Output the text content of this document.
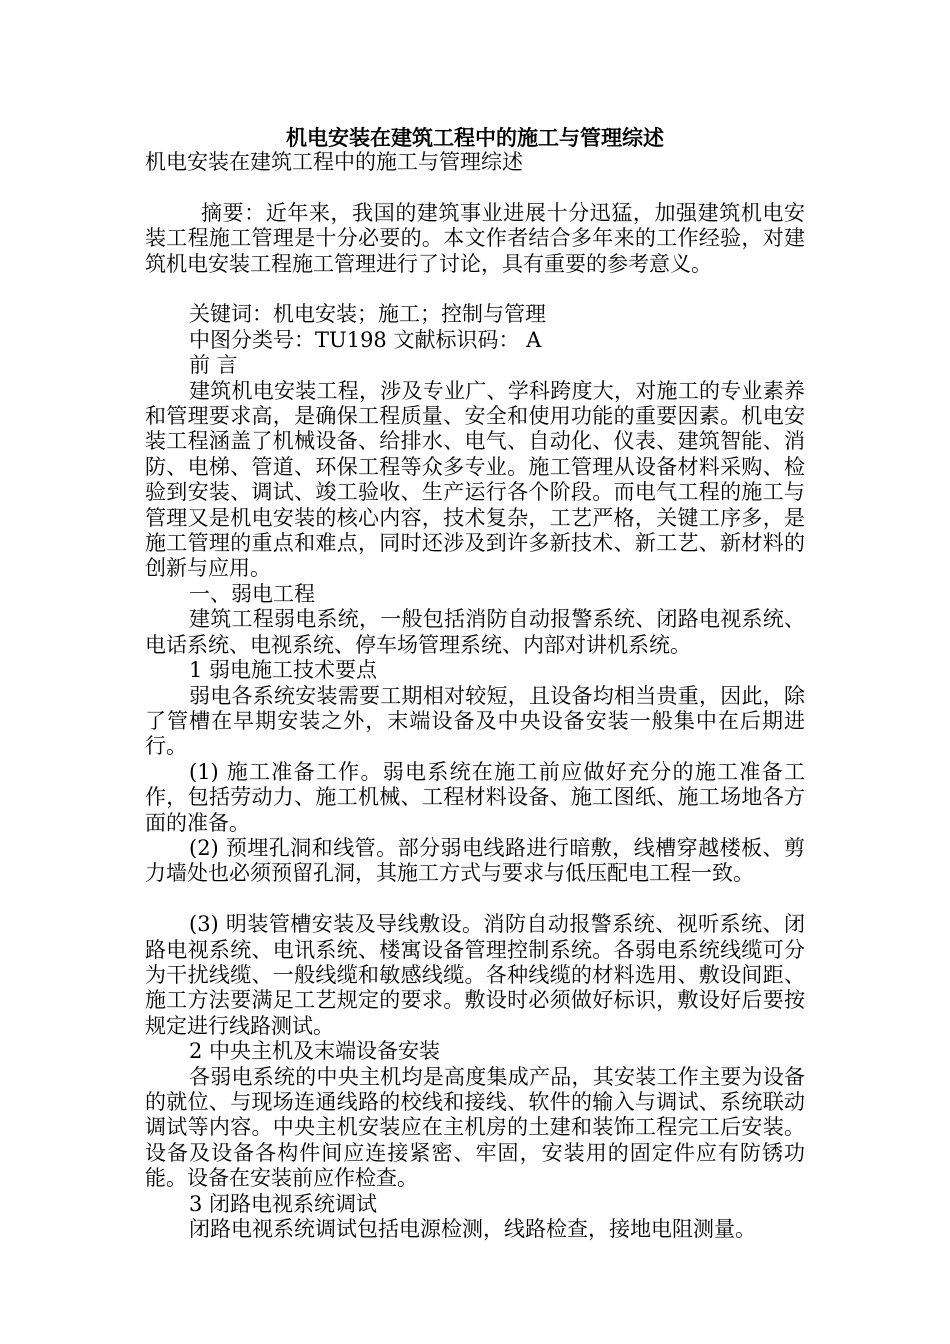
机电安装在建筑工程中的施工与管理综述

机电安装在建筑工程中的施工与管理综述

摘要：近年来，我国的建筑事业进展十分迅猛，加强建筑机电安装工程施工管理是十分必要的。本文作者结合多年来的工作经验，对建筑机电安装工程施工管理进行了讨论，具有重要的参考意义。

关键词：机电安装；施工；控制与管理

中图分类号：TU198 文献标识码： A

前 言

建筑机电安装工程，涉及专业广、学科跨度大，对施工的专业素养和管理要求高，是确保工程质量、安全和使用功能的重要因素。机电安装工程涵盖了机械设备、给排水、电气、自动化、仪表、建筑智能、消防、电梯、管道、环保工程等众多专业。施工管理从设备材料采购、检验到安装、调试、竣工验收、生产运行各个阶段。而电气工程的施工与管理又是机电安装的核心内容，技术复杂，工艺严格，关键工序多，是施工管理的重点和难点，同时还涉及到许多新技术、新工艺、新材料的创新与应用。

一、弱电工程

建筑工程弱电系统，一般包括消防自动报警系统、闭路电视系统、电话系统、电视系统、停车场管理系统、内部对讲机系统。

1 弱电施工技术要点

弱电各系统安装需要工期相对较短，且设备均相当贵重，因此，除了管槽在早期安装之外，末端设备及中央设备安装一般集中在后期进行。

(1) 施工准备工作。弱电系统在施工前应做好充分的施工准备工作，包括劳动力、施工机械、工程材料设备、施工图纸、施工场地各方面的准备。

(2) 预埋孔洞和线管。部分弱电线路进行暗敷，线槽穿越楼板、剪力墙处也必须预留孔洞，其施工方式与要求与低压配电工程一致。

(3) 明装管槽安装及导线敷设。消防自动报警系统、视听系统、闭路电视系统、电讯系统、楼寓设备管理控制系统。各弱电系统线缆可分为干扰线缆、一般线缆和敏感线缆。各种线缆的材料选用、敷设间距、施工方法要满足工艺规定的要求。敷设时必须做好标识，敷设好后要按规定进行线路测试。

2 中央主机及末端设备安装

各弱电系统的中央主机均是高度集成产品，其安装工作主要为设备的就位、与现场连通线路的校线和接线、软件的输入与调试、系统联动调试等内容。中央主机安装应在主机房的土建和装饰工程完工后安装。设备及设备各构件间应连接紧密、牢固，安装用的固定件应有防锈功能。设备在安装前应作检查。

3 闭路电视系统调试

闭路电视系统调试包括电源检测，线路检查，接地电阻测量。
